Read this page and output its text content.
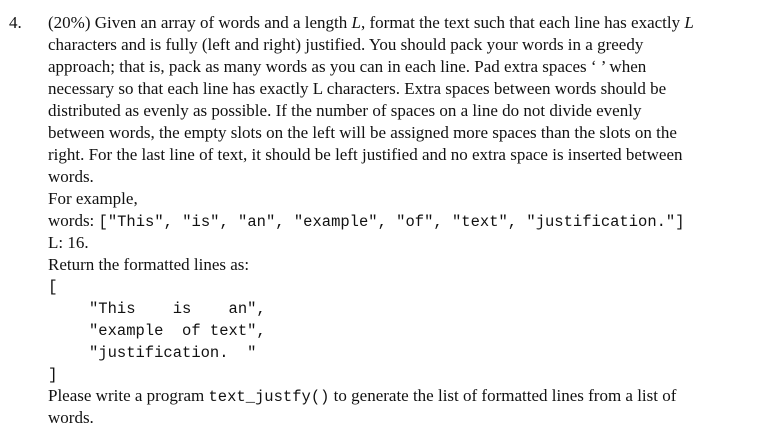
4. (20%) Given an array of words and a length L, format the text such that each line has exactly L
characters and is fully (left and right) justified. You should pack your words in a greedy
approach; that is, pack as many words as you can in each line. Pad extra spaces ‘ ’ when
necessary so that each line has exactly L characters. Extra spaces between words should be
distributed as evenly as possible. If the number of spaces on a line do not divide evenly
between words, the empty slots on the left will be assigned more spaces than the slots on the
right. For the last line of text, it should be left justified and no extra space is inserted between
words.
For example,
words: ["This", "is", "an", "example", "of", "text", "justification."]
L: 16.
Return the formatted lines as:
[
"This    is    an",
"example  of text",
"justification.  "
]
Please write a program text_justfy() to generate the list of formatted lines from a list of
words.
